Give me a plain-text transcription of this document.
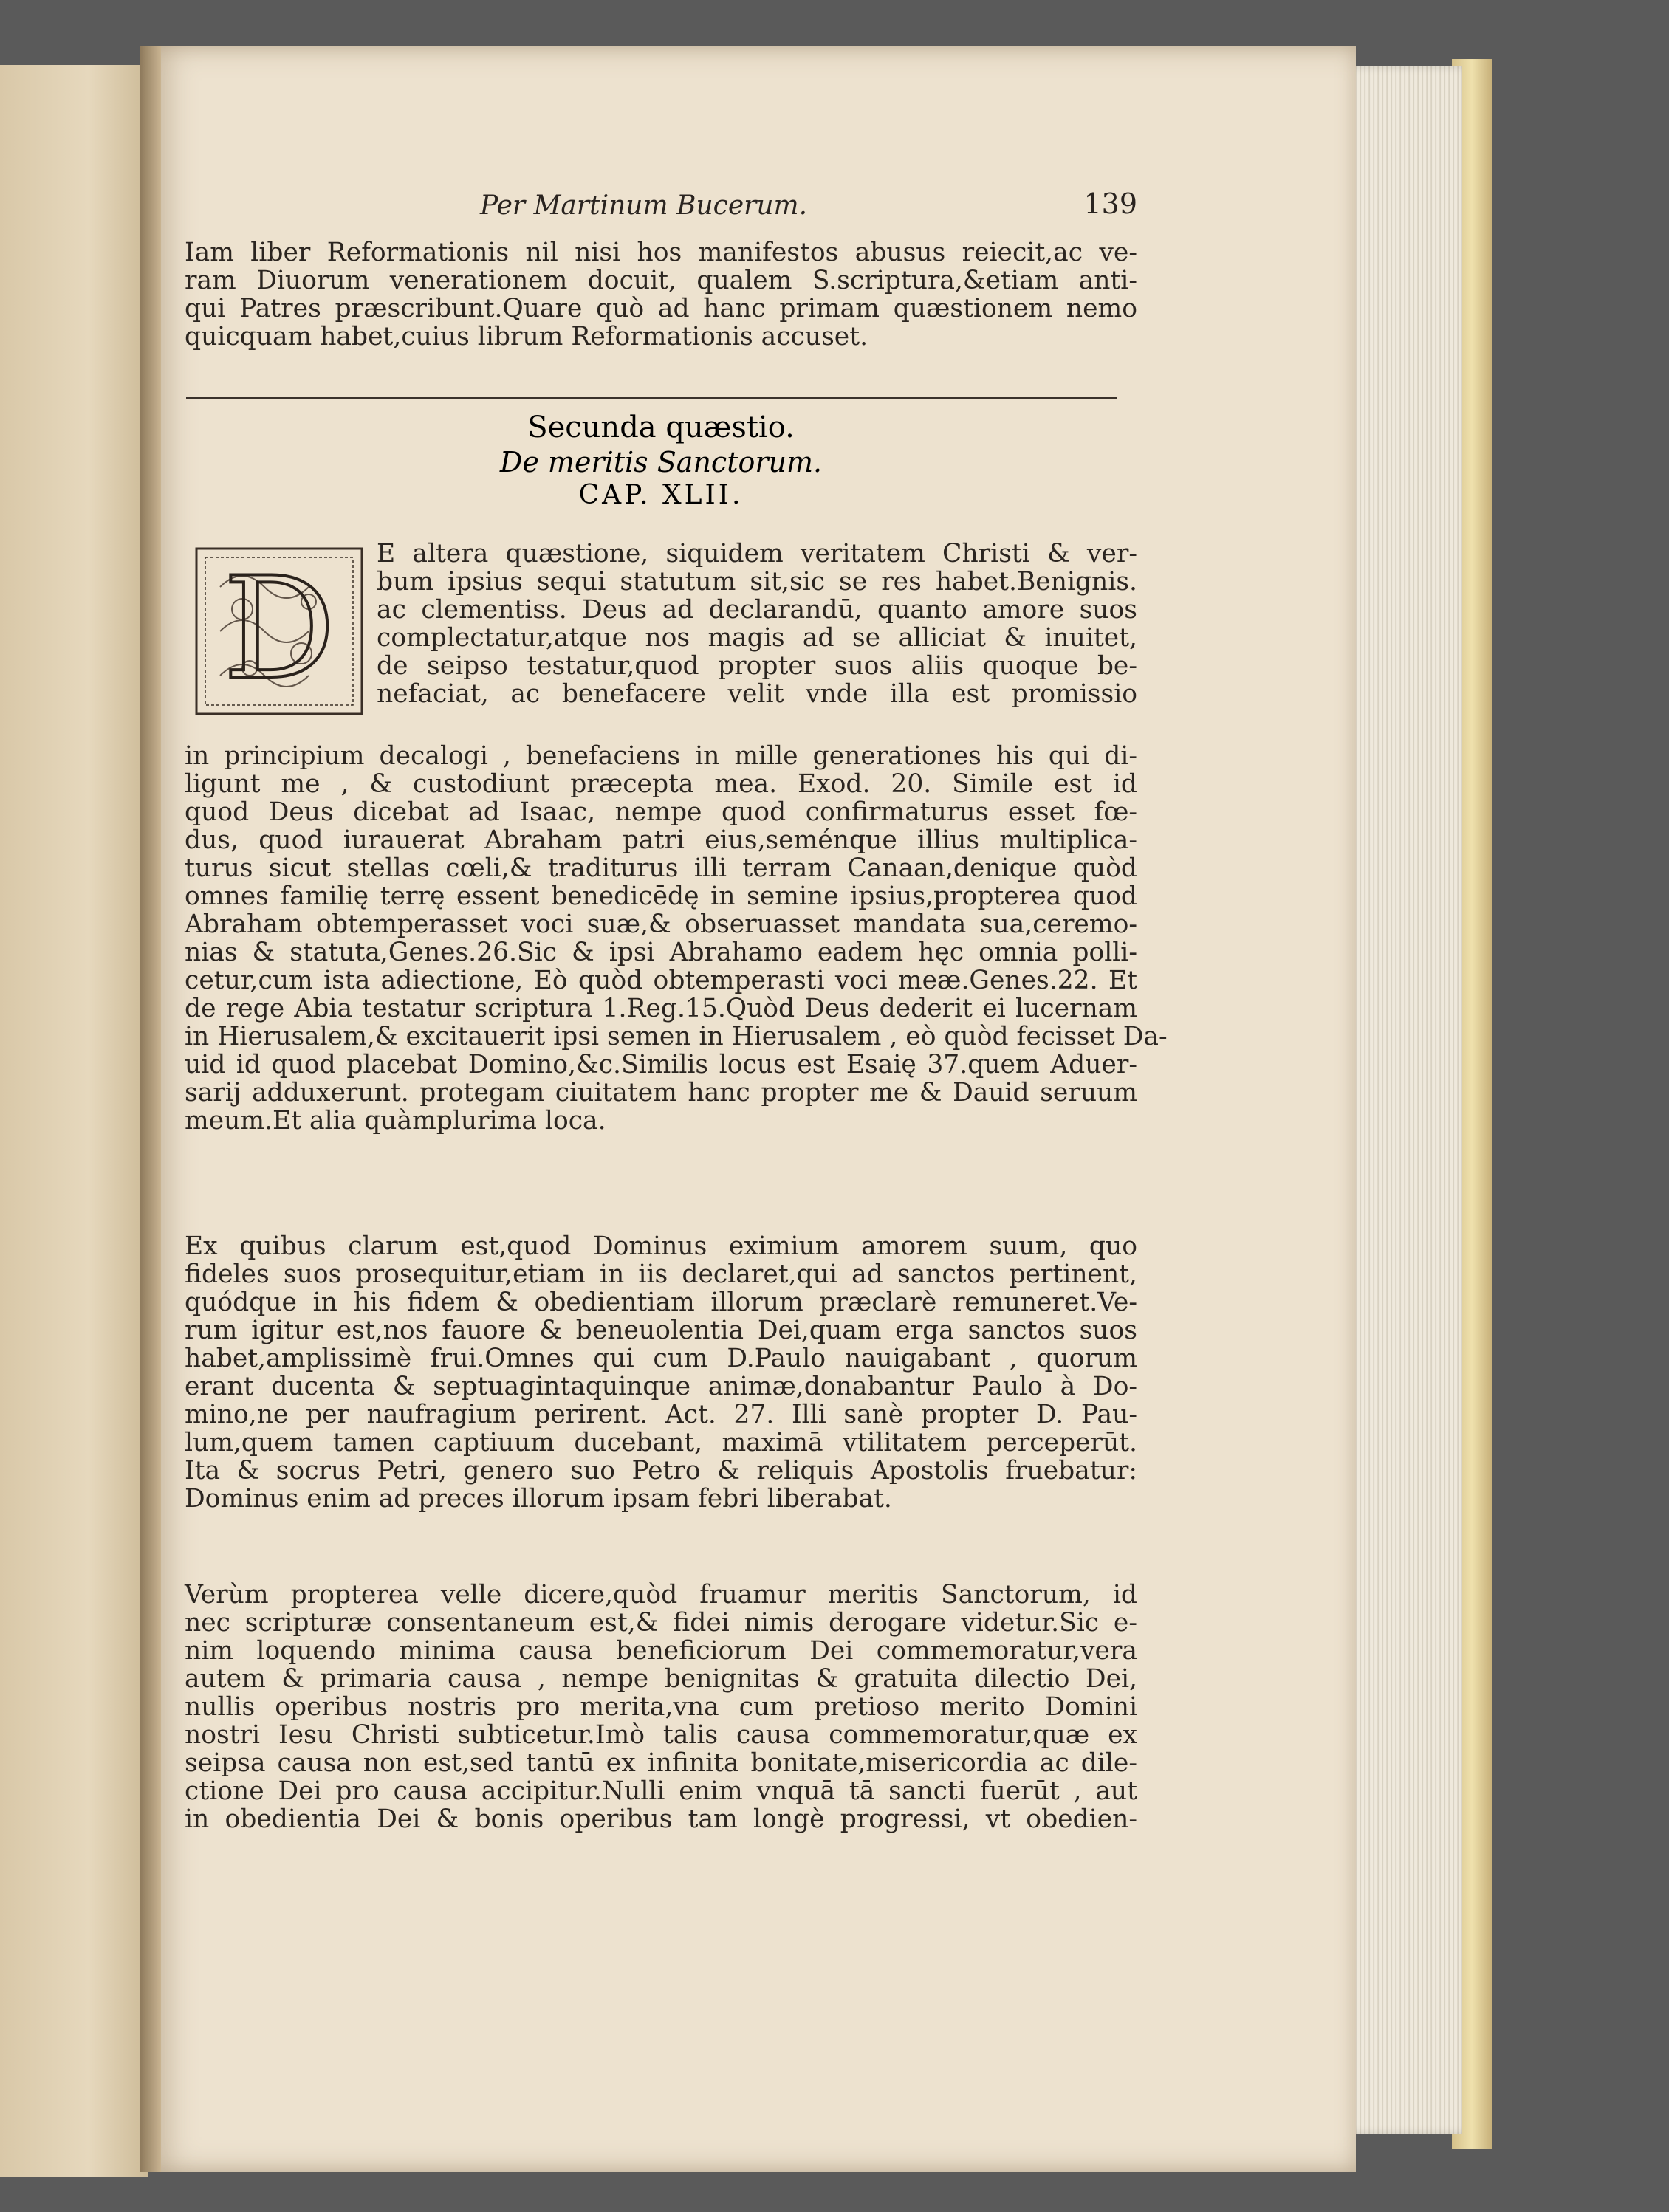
Per Martinum Bucerum.	139
Iam liber Reformationis nil nisi hos manifestos abusus reiecit,ac ve-
ram Diuorum venerationem docuit, qualem S.scriptura,&etiam anti-
qui Patres præscribunt.Quare quò ad hanc primam quæstionem nemo
quicquam habet,cuius librum Reformationis accuset.
Secunda quæstio.
De meritis Sanctorum.
CAP. XLII.
D	E altera quæstione, siquidem veritatem Christi & ver-
bum ipsius sequi statutum sit,sic se res habet.Benignis.
ac clementiss. Deus ad declarandū, quanto amore suos
complectatur,atque nos magis ad se alliciat & inuitet,
de seipso testatur,quod propter suos aliis quoque be-
nefaciat, ac benefacere velit vnde illa est promissio
in principium decalogi , benefaciens in mille generationes his qui di-
ligunt me , & custodiunt præcepta mea. Exod. 20. Simile est id
quod Deus dicebat ad Isaac, nempe quod confirmaturus esset fœ-
dus, quod iurauerat Abraham patri eius,seménque illius multiplica-
turus sicut stellas cœli,& traditurus illi terram Canaan,denique quòd
omnes familię terrę essent benedicēdę in semine ipsius,propterea quod
Abraham obtemperasset voci suæ,& obseruasset mandata sua,ceremo-
nias & statuta,Genes.26.Sic & ipsi Abrahamo eadem hęc omnia polli-
cetur,cum ista adiectione, Eò quòd obtemperasti voci meæ.Genes.22. Et
de rege Abia testatur scriptura 1.Reg.15.Quòd Deus dederit ei lucernam
in Hierusalem,& excitauerit ipsi semen in Hierusalem , eò quòd fecisset Da-
uid id quod placebat Domino,&c.Similis locus est Esaię 37.quem Aduer-
sarij adduxerunt. protegam ciuitatem hanc propter me & Dauid seruum
meum.Et alia quàmplurima loca.
Ex quibus clarum est,quod Dominus eximium amorem suum, quo
fideles suos prosequitur,etiam in iis declaret,qui ad sanctos pertinent,
quódque in his fidem & obedientiam illorum præclarè remuneret.Ve-
rum igitur est,nos fauore & beneuolentia Dei,quam erga sanctos suos
habet,amplissimè frui.Omnes qui cum D.Paulo nauigabant , quorum
erant ducenta & septuagintaquinque animæ,donabantur Paulo à Do-
mino,ne per naufragium perirent. Act. 27. Illi sanè propter D. Pau-
lum,quem tamen captiuum ducebant, maximā vtilitatem perceperūt.
Ita & socrus Petri, genero suo Petro & reliquis Apostolis fruebatur:
Dominus enim ad preces illorum ipsam febri liberabat.
Verùm propterea velle dicere,quòd fruamur meritis Sanctorum, id
nec scripturæ consentaneum est,& fidei nimis derogare videtur.Sic e-
nim loquendo minima causa beneficiorum Dei commemoratur,vera
autem & primaria causa , nempe benignitas & gratuita dilectio Dei,
nullis operibus nostris pro merita,vna cum pretioso merito Domini
nostri Iesu Christi subticetur.Imò talis causa commemoratur,quæ ex
seipsa causa non est,sed tantū ex infinita bonitate,misericordia ac dile-
ctione Dei pro causa accipitur.Nulli enim vnquā tā sancti fuerūt , aut
in obedientia Dei & bonis operibus tam longè progressi, vt obedien-
